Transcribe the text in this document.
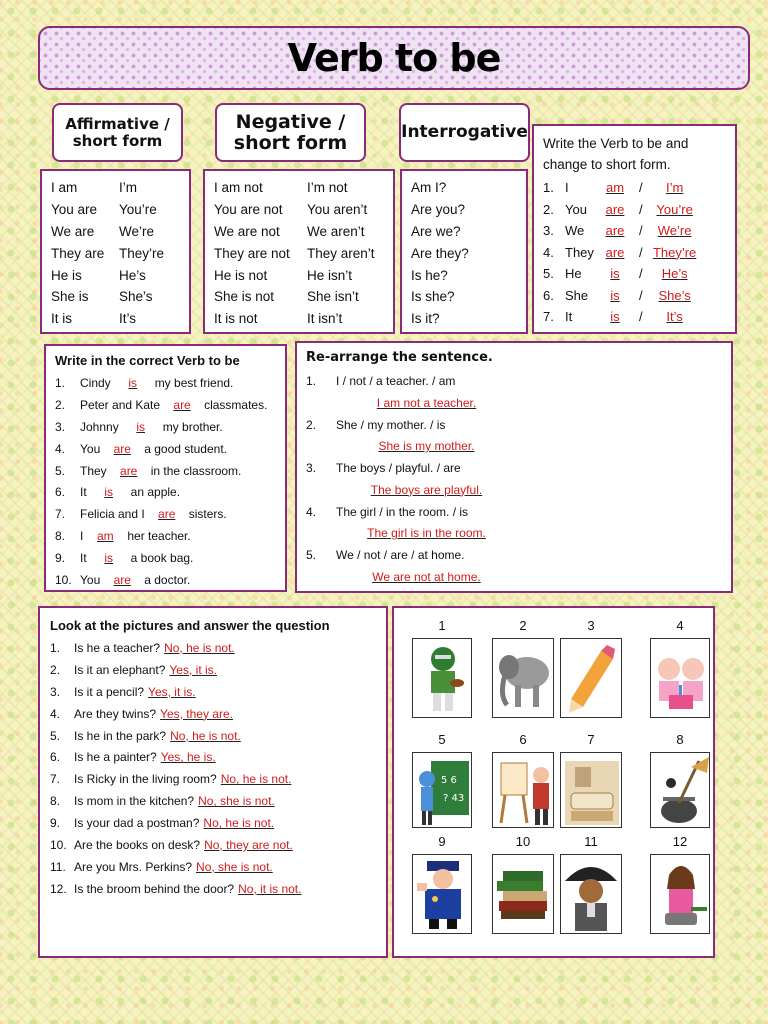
Verb to be
Affirmative / short form
Negative / short form	Interrogative
I am	I’m
You are	You’re
We are	We’re
They are	They’re
He is	He’s
She is	She’s
It is	It’s
I am not	I’m not
You are not	You aren’t
We are not	We aren’t
They are not	They aren’t
He is not	He isn’t
She is not	She isn’t
It is not	It isn’t
Am I?
Are you?
Are we?
Are they?
Is he?
Is she?
Is it?
Write the Verb to be and change to short form.
1. I	am	/	I’m
2. You	are	/	You’re
3. We	are	/	We’re
4. They are	/ They’re
5. He	is	/	He’s
6. She	is	/	She’s
7. It	is	/	It’s
Write in the correct Verb to be
1.	Cindy	is	my best friend.
2.	Peter and Kate	are	classmates.
3.	Johnny	is	my brother.
4.	You	are	a good student.
5.	They	are	in the classroom.
6.	It	is	an apple.
7.	Felicia and I	are	sisters.
8.	I	am	her teacher.
9.	It	is	a book bag.
10. You	are	a doctor.
Re-arrange the sentence.
1.	I / not / a teacher. / am
I am not a teacher.
2.	She / my mother. / is
She is my mother.
3.	The boys / playful. / are
The boys are playful.
4.	The girl / in the room. / is
The girl is in the room.
5.	We / not / are / at home.
We are not at home.
Look at the pictures and answer the question
1.	Is he a teacher? No, he is not.
2.	Is it an elephant? Yes, it is.
3.	Is it a pencil? Yes, it is.
4.	Are they twins? Yes, they are.
5.	Is he in the park? No, he is not.
6.	Is he a painter? Yes, he is.
7.	Is Ricky in the living room? No, he is not.
8.	Is mom in the kitchen? No, she is not.
9.	Is your dad a postman? No, he is not.
10. Are the books on desk? No, they are not.
11. Are you Mrs. Perkins? No, she is not.
12. Is the broom behind the door? No, it is not.
1	2	3	4
5
5 6
? 43
6	7	8
9	10	11	12
